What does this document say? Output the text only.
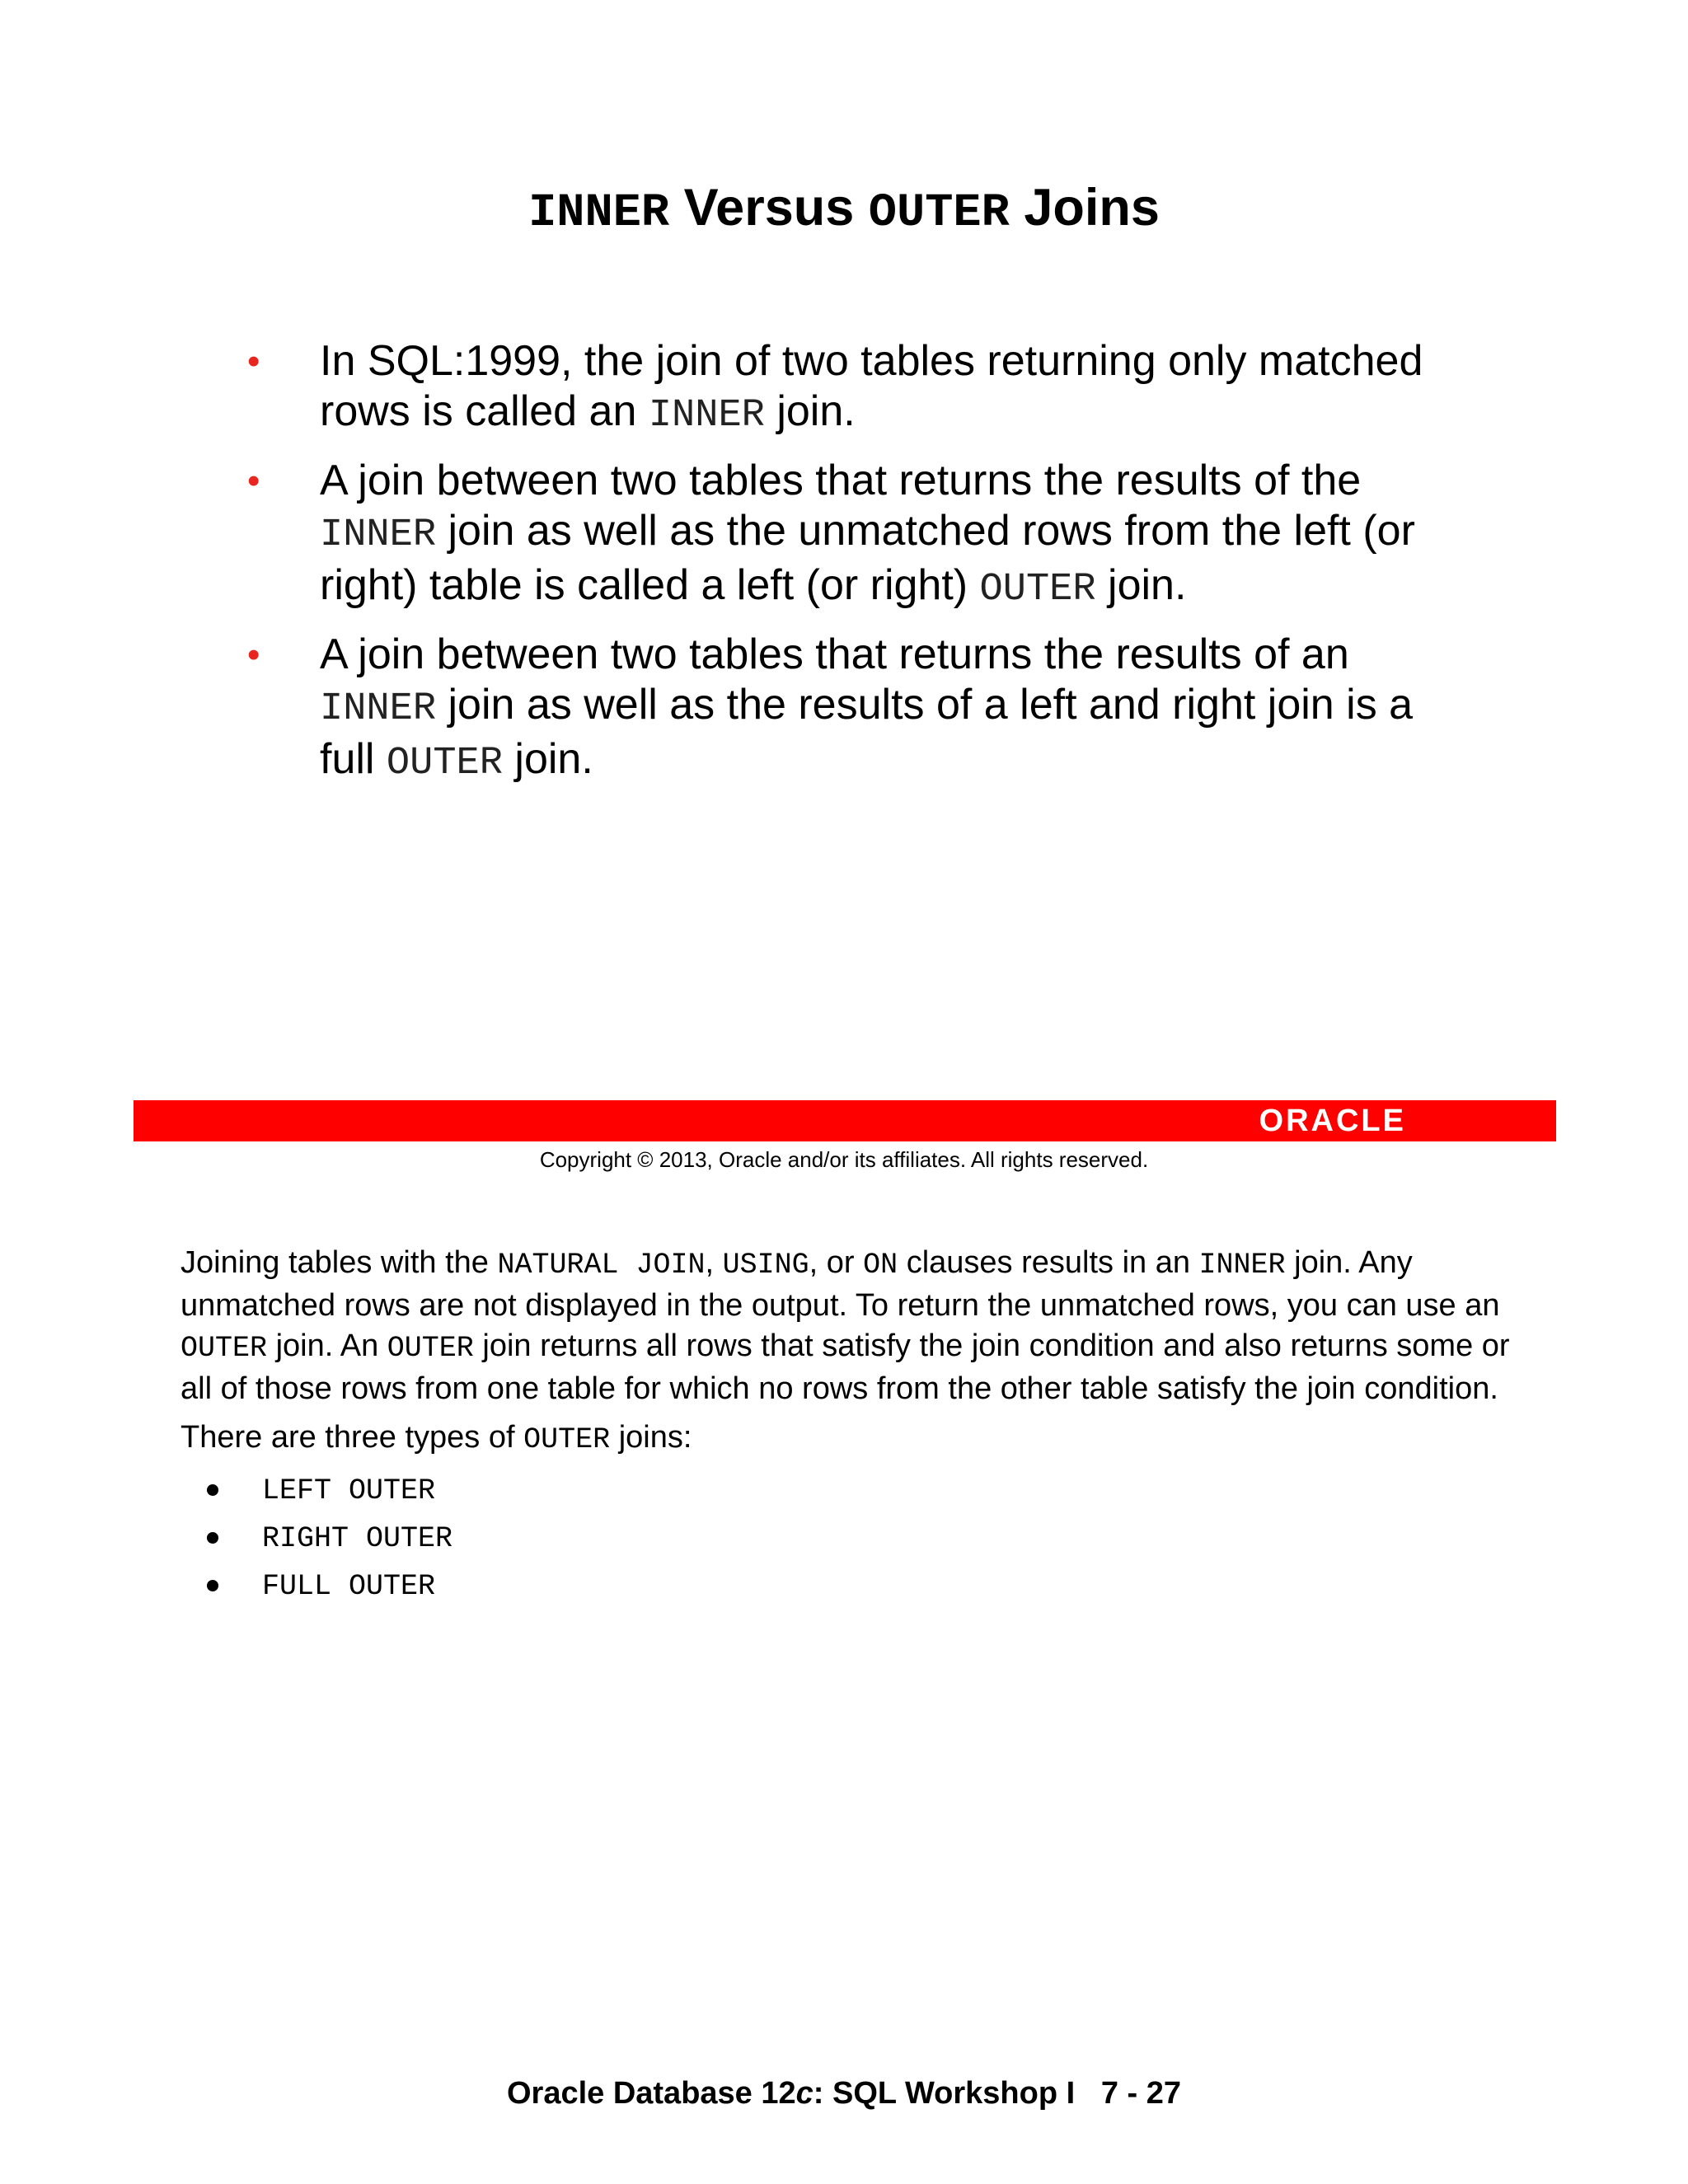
INNER Versus OUTER Joins
• In SQL:1999, the join of two tables returning only matched rows is called an INNER join.
• A join between two tables that returns the results of the INNER join as well as the unmatched rows from the left (or right) table is called a left (or right) OUTER join.
• A join between two tables that returns the results of an INNER join as well as the results of a left and right join is a full OUTER join.
ORACLE
Copyright © 2013, Oracle and/or its affiliates. All rights reserved.

Joining tables with the NATURAL JOIN, USING, or ON clauses results in an INNER join. Any unmatched rows are not displayed in the output. To return the unmatched rows, you can use an OUTER join. An OUTER join returns all rows that satisfy the join condition and also returns some or all of those rows from one table for which no rows from the other table satisfy the join condition.

There are three types of OUTER joins:

LEFT OUTER
RIGHT OUTER
FULL OUTER
Oracle Database 12c: SQL Workshop I   7 - 27
